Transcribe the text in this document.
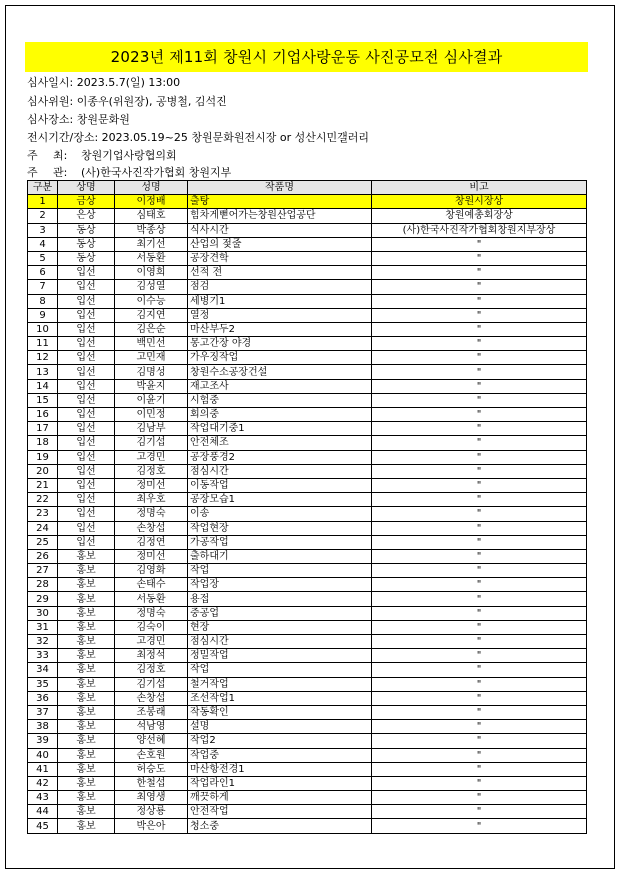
2023년 제11회 창원시 기업사랑운동 사진공모전 심사결과
심사일시: 2023.5.7(일) 13:00
심사위원: 이종우(위원장), 공병철, 김석진
심사장소: 창원문화원
전시기간/장소: 2023.05.19~25 창원문화원전시장 or 성산시민갤러리
주 최: 창원기업사랑협의회
주 관: (사)한국사진작가협회 창원지부
구분	상명	성명	작품명	비고
1	금상	이정배	출탕	창원시장상
2	은상	심태호	힘차게뻗어가는창원산업공단	창원예총회장상
3	동상	박종상	식사시간	(사)한국사진작가협회창원지부장상
4	동상	최기선	산업의 젖줄	"
5	동상	서동환	공장견학	"
6	입선	이영희	선적 전	"
7	입선	김성열	점검	"
8	입선	이수능	세병기1	"
9	입선	김지연	열정	"
10	입선	김은순	마산부두2	"
11	입선	백민선	몽고간장 야경	"
12	입선	고민재	가우징작업	"
13	입선	김명성	창원수소공장건설	"
14	입선	박윤지	재고조사	"
15	입선	이윤기	시험중	"
16	입선	이민정	회의중	"
17	입선	김남부	작업대기중1	"
18	입선	김기섭	안전체조	"
19	입선	고경민	공장풍경2	"
20	입선	김정호	점심시간	"
21	입선	정미선	이동작업	"
22	입선	최우호	공장모습1	"
23	입선	정명숙	이송	"
24	입선	손창섭	작업현장	"
25	입선	김정연	가공작업	"
26	홍보	정미선	출하대기	"
27	홍보	김영화	작업	"
28	홍보	손태수	작업장	"
29	홍보	서동환	용접	"
30	홍보	정명숙	중공업	"
31	홍보	김숙이	현장	"
32	홍보	고경민	점심시간	"
33	홍보	최정석	정밀작업	"
34	홍보	김정호	작업	"
35	홍보	김기섭	철거작업	"
36	홍보	손창섭	조선작업1	"
37	홍보	조봉래	작동확인	"
38	홍보	석남영	설명	"
39	홍보	양선혜	작업2	"
40	홍보	손호원	작업중	"
41	홍보	허승도	마산항전경1	"
42	홍보	한철섭	작업라인1	"
43	홍보	최영생	깨끗하게	"
44	홍보	정상룡	안전작업	"
45	홍보	박은아	청소중	"
